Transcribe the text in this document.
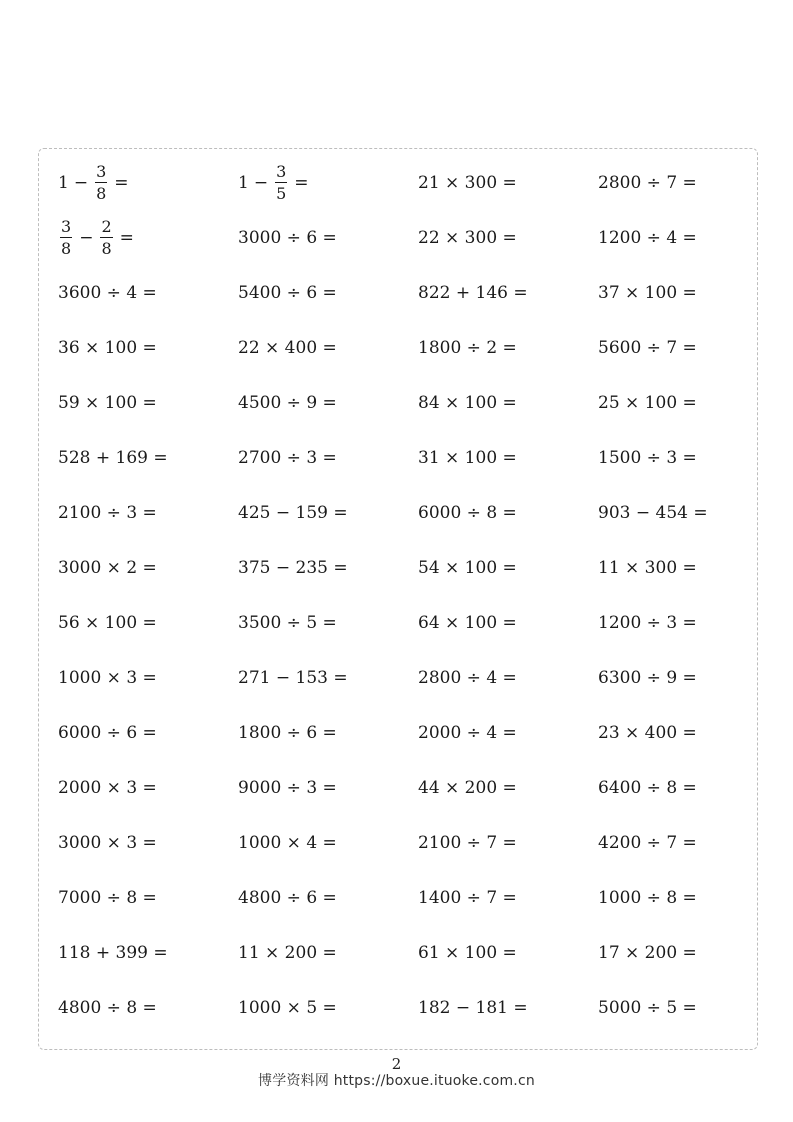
$1 - \frac{3}{8}$ =	$1 - \frac{3}{5}$ =	21 × 300 =	2800 ÷ 7 =
$\frac{3}{8} - \frac{2}{8}$ =	3000 ÷ 6 =	22 × 300 =	1200 ÷ 4 =
3600 ÷ 4 =	5400 ÷ 6 =	822 + 146 =	37 × 100 =
36 × 100 =	22 × 400 =	1800 ÷ 2 =	5600 ÷ 7 =
59 × 100 =	4500 ÷ 9 =	84 × 100 =	25 × 100 =
528 + 169 =	2700 ÷ 3 =	31 × 100 =	1500 ÷ 3 =
2100 ÷ 3 =	425 − 159 =	6000 ÷ 8 =	903 − 454 =
3000 × 2 =	375 − 235 =	54 × 100 =	11 × 300 =
56 × 100 =	3500 ÷ 5 =	64 × 100 =	1200 ÷ 3 =
1000 × 3 =	271 − 153 =	2800 ÷ 4 =	6300 ÷ 9 =
6000 ÷ 6 =	1800 ÷ 6 =	2000 ÷ 4 =	23 × 400 =
2000 × 3 =	9000 ÷ 3 =	44 × 200 =	6400 ÷ 8 =
3000 × 3 =	1000 × 4 =	2100 ÷ 7 =	4200 ÷ 7 =
7000 ÷ 8 =	4800 ÷ 6 =	1400 ÷ 7 =	1000 ÷ 8 =
118 + 399 =	11 × 200 =	61 × 100 =	17 × 200 =
4800 ÷ 8 =	1000 × 5 =	182 − 181 =	5000 ÷ 5 =
2
博学资料网 https://boxue.ituoke.com.cn
